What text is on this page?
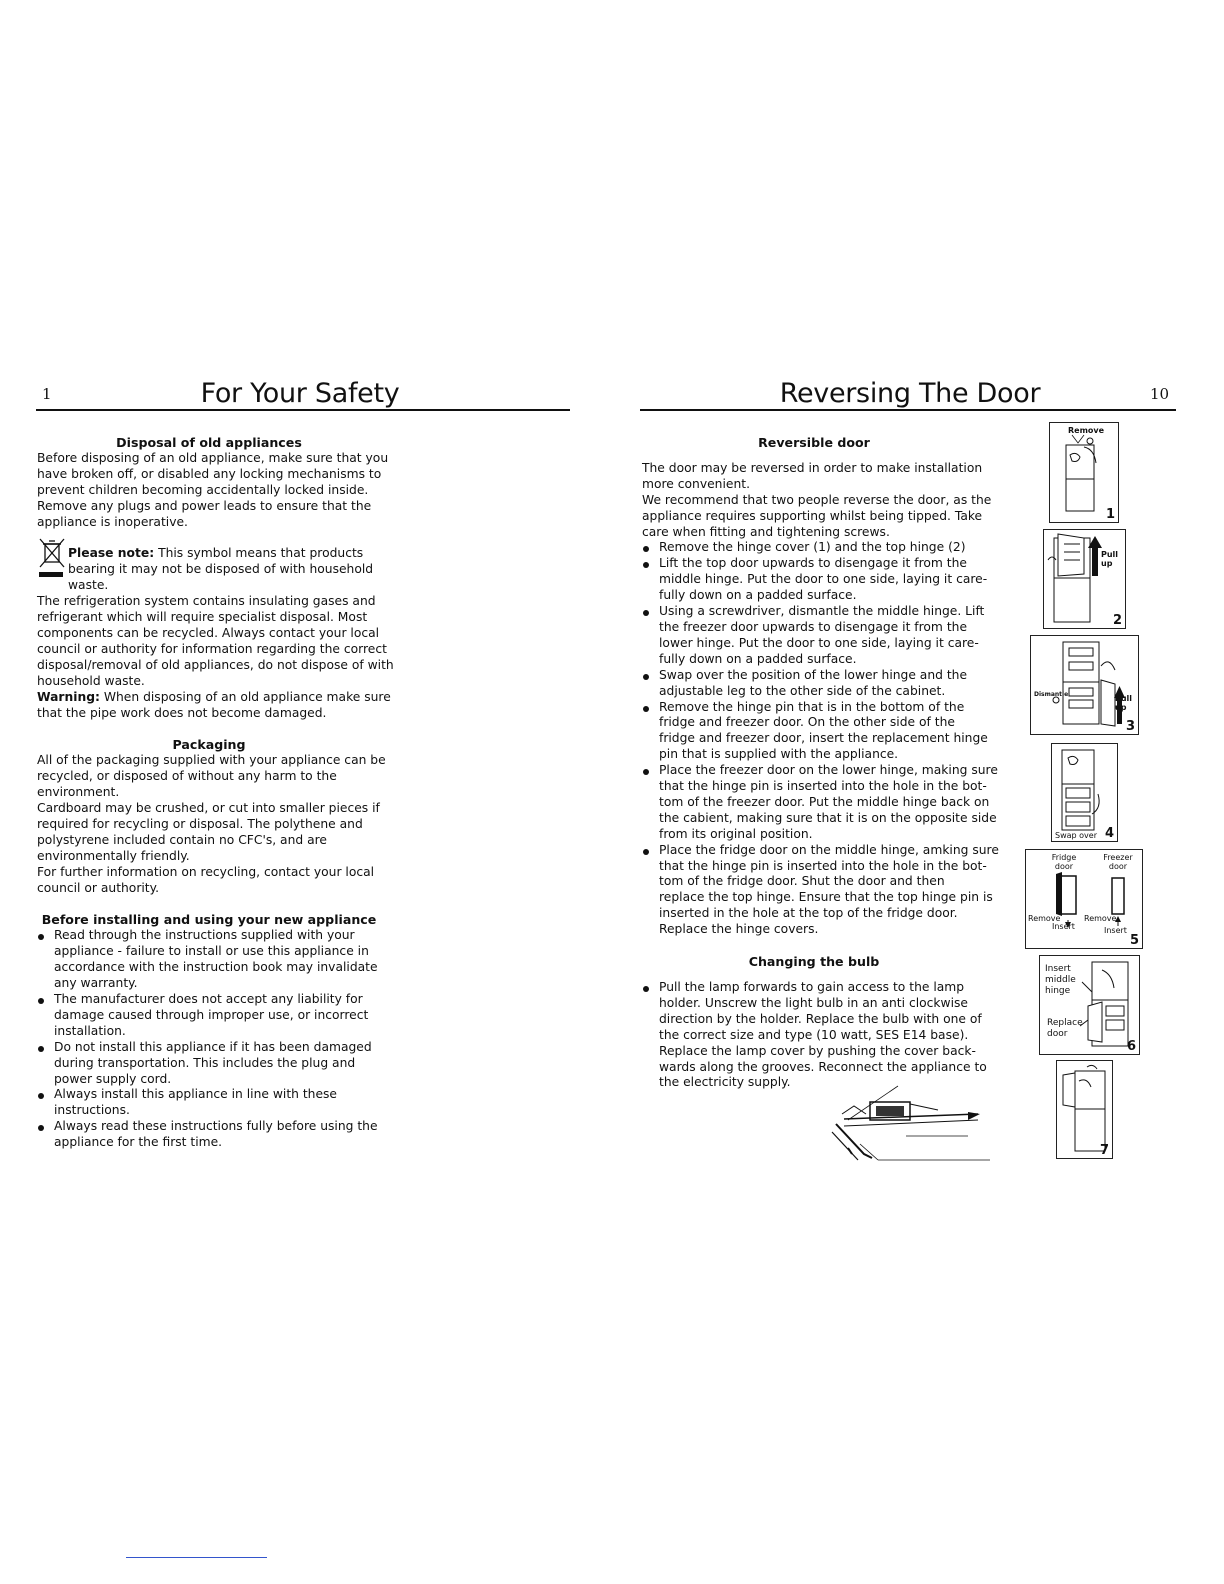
1	For Your Safety	Reversing The Door	10

Disposal of old appliances

Before disposing of an old appliance, make sure that you

have broken off, or disabled any locking mechanisms to

prevent children becoming accidentally locked inside.

Remove any plugs and power leads to ensure that the

appliance is inoperative.

Please note: This symbol means that products

bearing it may not be disposed of with household

waste.

The refrigeration system contains insulating gases and

refrigerant which will require specialist disposal. Most

components can be recycled. Always contact your local

council or authority for information regarding the correct

disposal/removal of old appliances, do not dispose of with

household waste.

Warning: When disposing of an old appliance make sure

that the pipe work does not become damaged.

Packaging

All of the packaging supplied with your appliance can be

recycled, or disposed of without any harm to the

environment.

Cardboard may be crushed, or cut into smaller pieces if

required for recycling or disposal. The polythene and

polystyrene included contain no CFC's, and are

environmentally friendly.

For further information on recycling, contact your local

council or authority.

Before installing and using your new appliance

Read through the instructions supplied with your

appliance - failure to install or use this appliance in

accordance with the instruction book may invalidate

any warranty.

The manufacturer does not accept any liability for

damage caused through improper use, or incorrect

installation.

Do not install this appliance if it has been damaged

during transportation. This includes the plug and

power supply cord.

Always install this appliance in line with these

instructions.

Always read these instructions fully before using the

appliance for the first time.

Reversible door

The door may be reversed in order to make installation

more convenient.

We recommend that two people reverse the door, as the

appliance requires supporting whilst being tipped. Take

care when fitting and tightening screws.

Remove the hinge cover (1) and the top hinge (2)

Lift the top door upwards to disengage it from the

middle hinge. Put the door to one side, laying it care-

fully down on a padded surface.

Using a screwdriver, dismantle the middle hinge. Lift

the freezer door upwards to disengage it from the

lower hinge. Put the door to one side, laying it care-

fully down on a padded surface.

Swap over the position of the lower hinge and the

adjustable leg to the other side of the cabinet.

Remove the hinge pin that is in the bottom of the

fridge and freezer door. On the other side of the

fridge and freezer door, insert the replacement hinge

pin that is supplied with the appliance.

Place the freezer door on the lower hinge, making sure

that the hinge pin is inserted into the hole in the bot-

tom of the freezer door. Put the middle hinge back on

the cabient, making sure that it is on the opposite side

from its original position.

Place the fridge door on the middle hinge, amking sure

that the hinge pin is inserted into the hole in the bot-

tom of the fridge door. Shut the door and then

replace the top hinge. Ensure that the top hinge pin is

inserted in the hole at the top of the fridge door.

Replace the hinge covers.

Changing the bulb

Pull the lamp forwards to gain access to the lamp

holder. Unscrew the light bulb in an anti clockwise

direction by the holder. Replace the bulb with one of

the correct size and type (10 watt, SES E14 base).

Replace the lamp cover by pushing the cover back-

wards along the grooves. Reconnect the appliance to

the electricity supply.

Remove
1
Pull up
2
Dismantle	Pull up
3
Swap over 4
Fridge door
Freezer door
Remove
Insert
Remove
Insert
5
Insert middle hinge
Replace door
6
7
